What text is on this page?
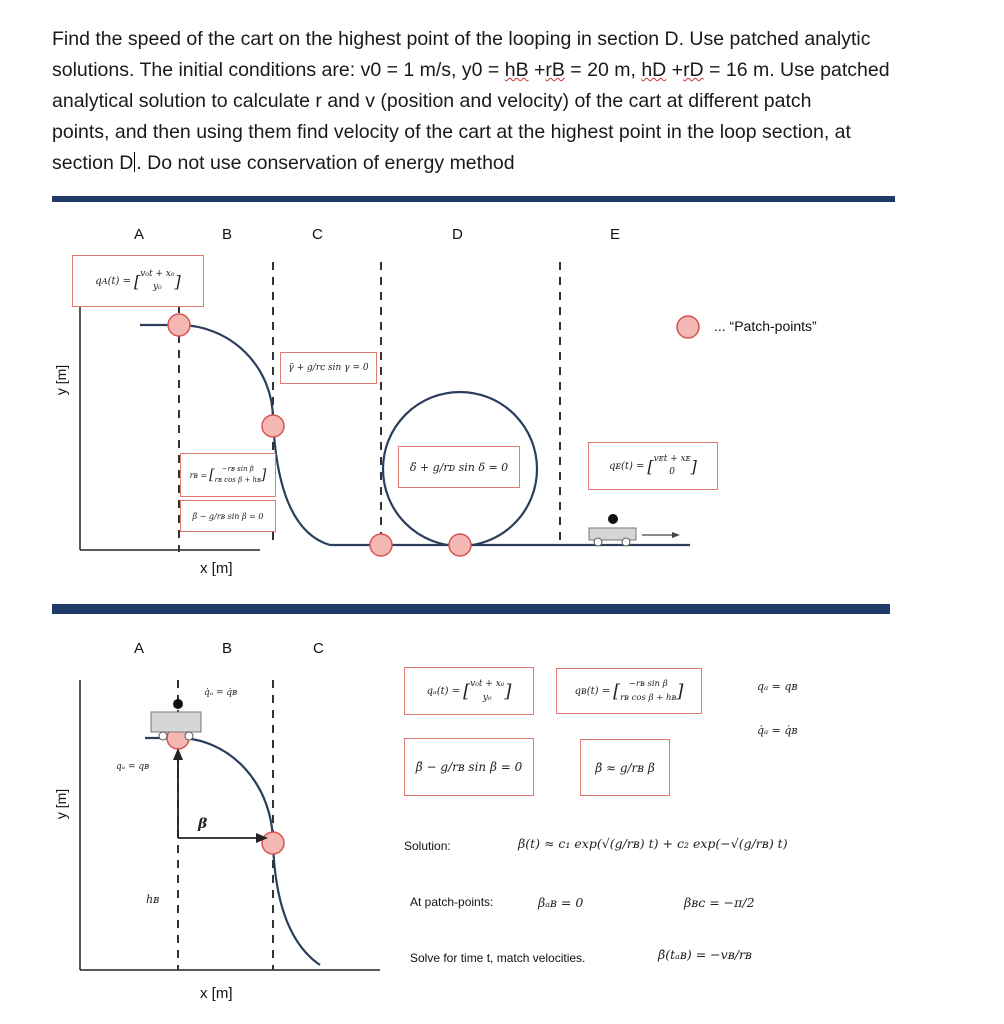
Find the speed of the cart on the highest point of the looping in section D. Use patched analytic

solutions. The initial conditions are: v0 = 1 m/s, y0 = hB +rB = 20 m, hD +rD = 16 m. Use patched

analytical solution to calculate r and v (position and velocity) of the cart at different patch

points, and then using them find velocity of the cart at the highest point in the loop section, at

section D . Do not use conservation of energy method

A	B	C	D	E
y [m]
x [m]
... “Patch-points”
q A (t) = [ v₀t + x₀
y₀ ]
γ̈ + g/rᴄ sin γ = 0
rʙ = [ −rʙ sin β
rʙ cos β + hʙ ]
β̈ − g/rʙ sin β = 0
δ̈ + g/rᴅ sin δ = 0	qᴇ(t) = [ vᴇt + xᴇ
0 ]
A	B	C
y [m]
x [m]
q̇ₐ = q̇ʙ
qₐ = qʙ
β
hʙ
qₐ(t) = [ v₀t + x₀
y₀ ]	qʙ(t) = [ −rʙ sin β
rʙ cos β + hʙ ]	qₐ = qʙ
q̇ₐ = q̇ʙ
β̈ − g/rʙ sin β = 0	β̈ ≈ g/rʙ β
Solution:	β(t) ≈ c₁ exp(√(g/rʙ) t) + c₂ exp(−√(g/rʙ) t)
At patch-points:	βₐʙ = 0	βʙᴄ = −π/2
Solve for time t, match velocities.	β̇(tₐʙ) = −vʙ/rʙ
